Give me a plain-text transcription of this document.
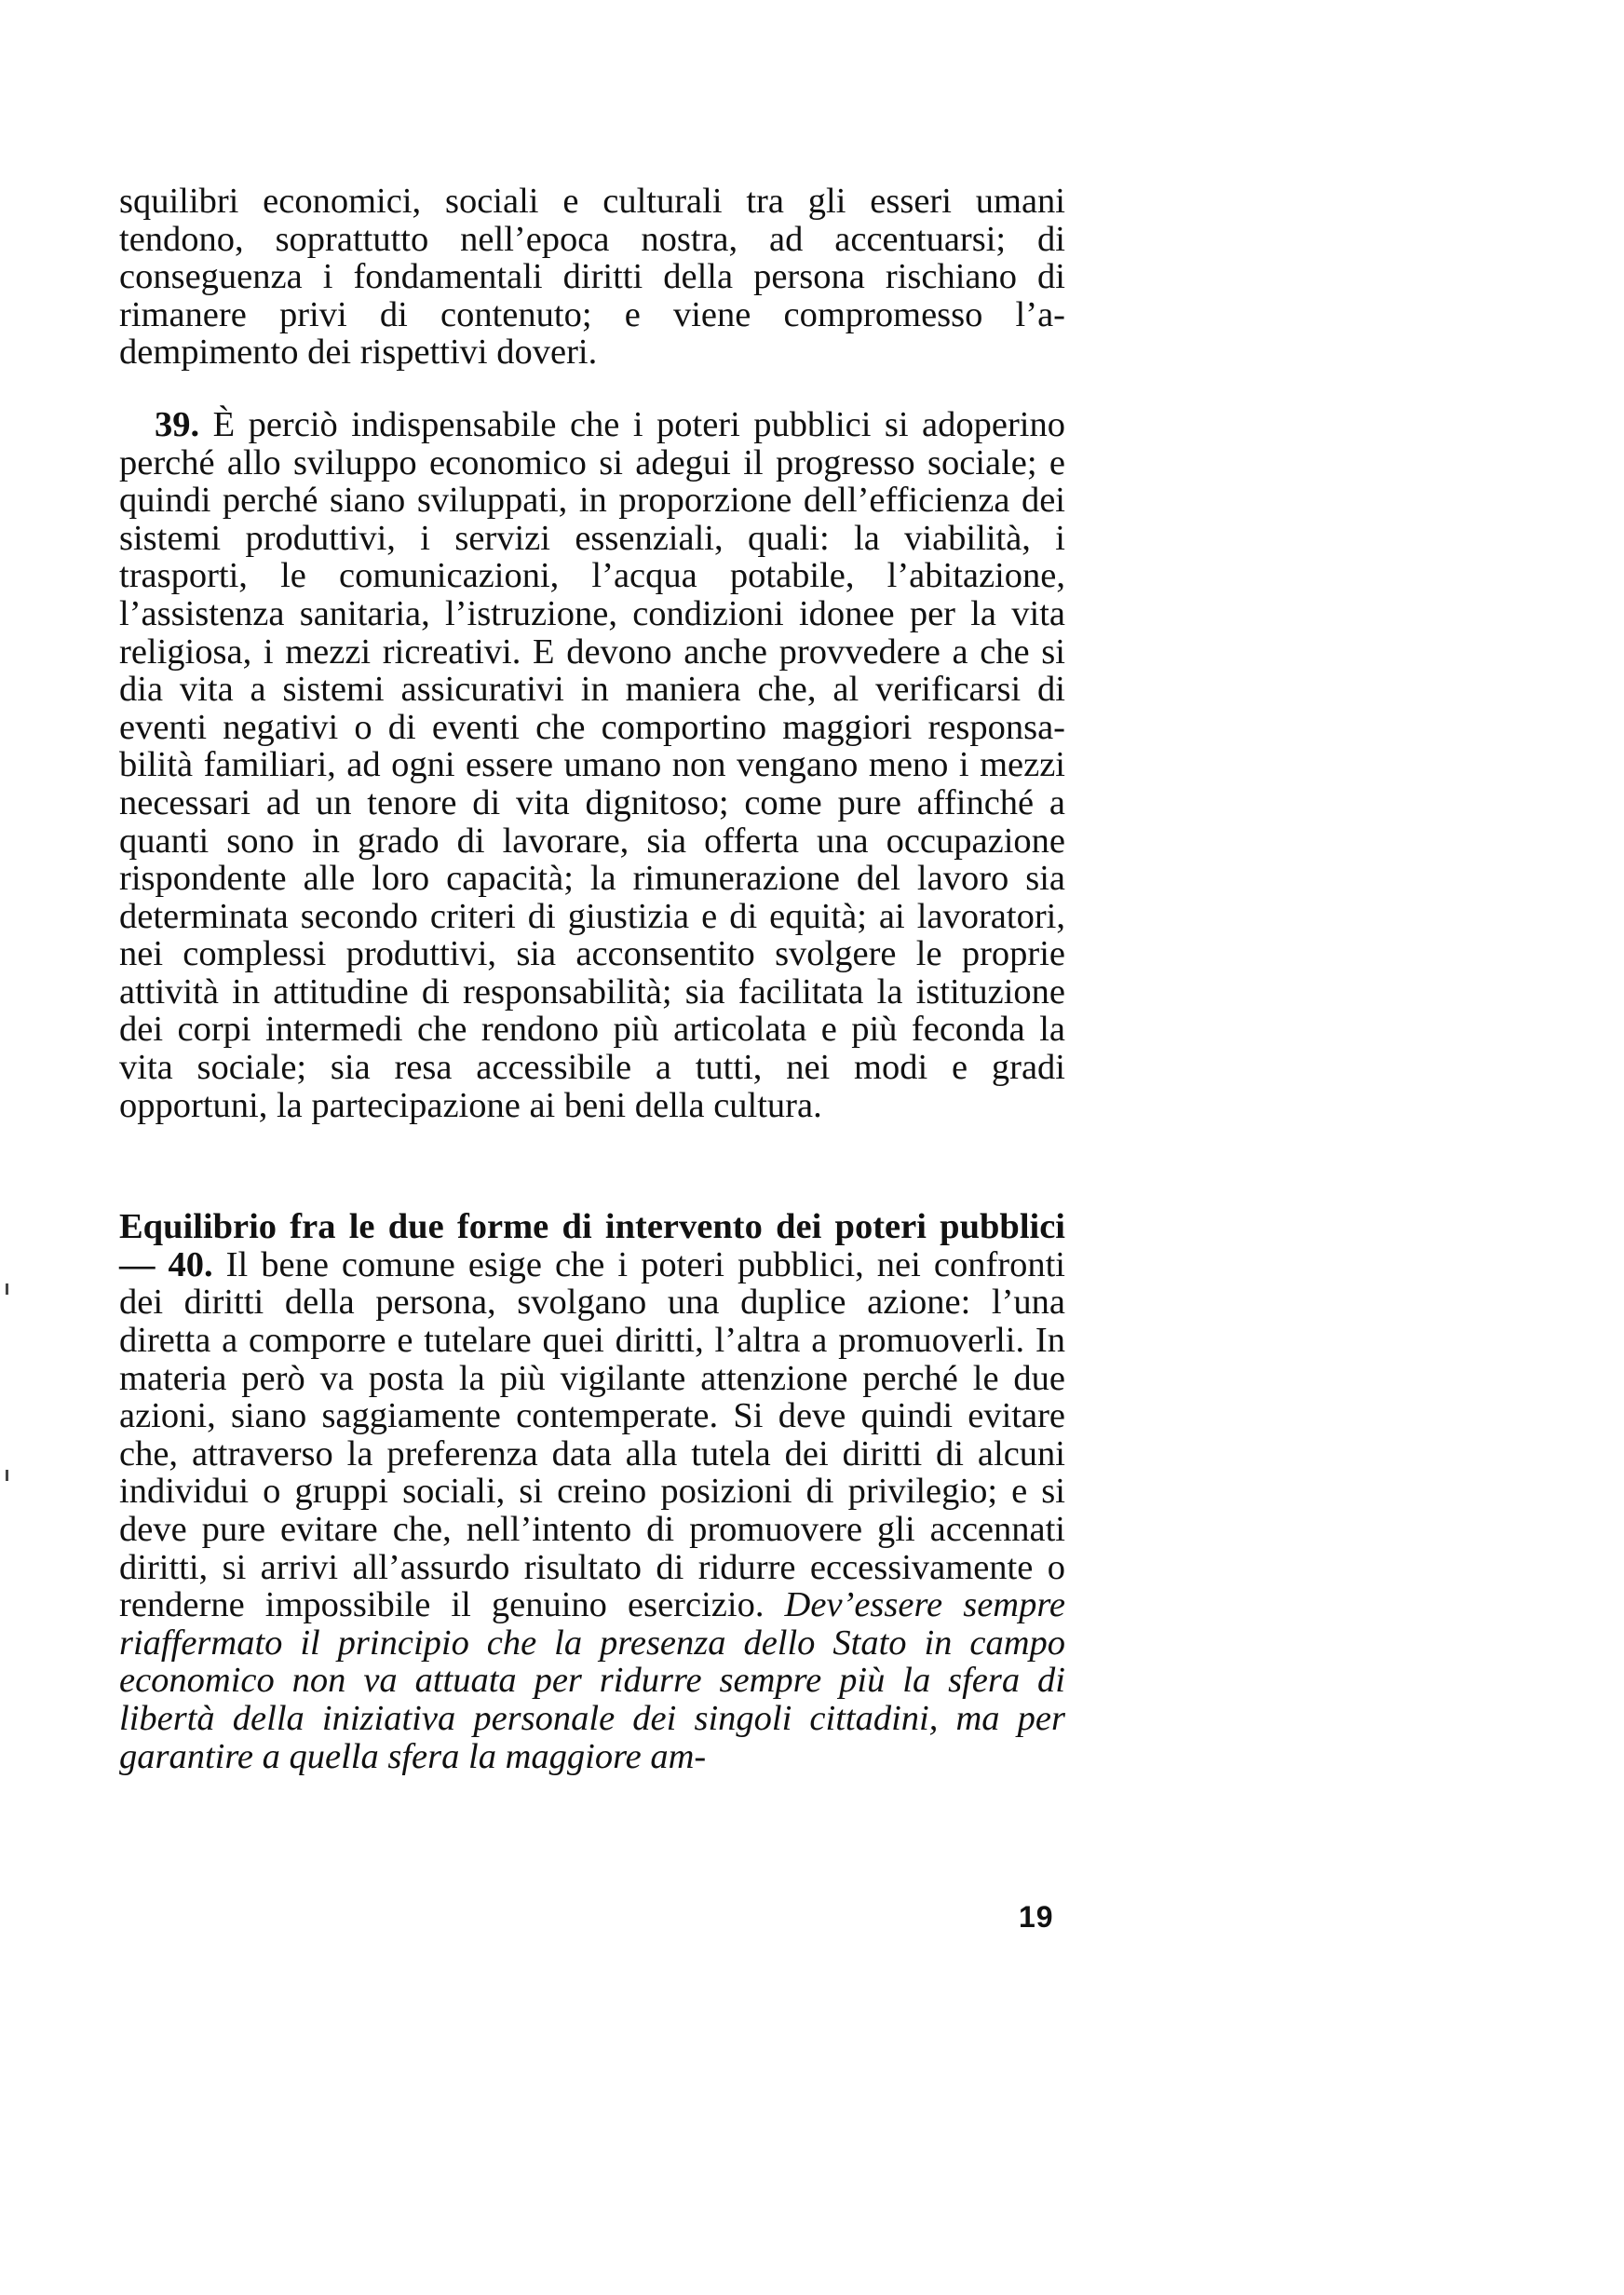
squilibri economici, sociali e culturali tra gli esseri umani tendono, soprattutto nell’epoca nostra, ad accentuarsi; di conseguenza i fondamentali diritti della persona rischiano di rimanere privi di contenuto; e viene compromesso l’adempimento dei rispettivi doveri.

39. È perciò indispensabile che i poteri pubblici si adoperino perché allo sviluppo economico si adegui il progresso sociale; e quindi perché siano sviluppati, in proporzione dell’efficienza dei sistemi produttivi, i servizi essenziali, quali: la viabilità, i trasporti, le comunicazioni, l’acqua potabile, l’abitazione, l’assistenza sanitaria, l’istruzione, condizioni idonee per la vita religiosa, i mezzi ricreativi. E devono anche provvedere a che si dia vita a sistemi assicurativi in maniera che, al verificarsi di eventi negativi o di eventi che comportino maggiori responsabilità familiari, ad ogni essere umano non vengano meno i mezzi necessari ad un tenore di vita dignitoso; come pure affinché a quanti sono in grado di lavorare, sia offerta una occupazione rispondente alle loro capacità; la rimunerazione del lavoro sia determinata secondo criteri di giustizia e di equità; ai lavoratori, nei complessi produttivi, sia acconsentito svolgere le proprie attività in attitudine di responsabilità; sia facilitata la istituzione dei corpi intermedi che rendono più articolata e più feconda la vita sociale; sia resa accessibile a tutti, nei modi e gradi opportuni, la partecipazione ai beni della cultura.

Equilibrio fra le due forme di intervento dei poteri pubblici — 40. Il bene comune esige che i poteri pubblici, nei confronti dei diritti della persona, svolgano una duplice azione: l’una diretta a comporre e tutelare quei diritti, l’altra a promuoverli. In materia però va posta la più vigilante attenzione perché le due azioni, siano saggiamente contemperate. Si deve quindi evitare che, attraverso la preferenza data alla tutela dei diritti di alcuni individui o gruppi sociali, si creino posizioni di privilegio; e si deve pure evitare che, nell’intento di promuovere gli accennati diritti, si arrivi all’assurdo risultato di ridurre eccessivamente o renderne impossibile il genuino esercizio. Dev’essere sempre riaffermato il principio che la presenza dello Stato in campo economico non va attuata per ridurre sempre più la sfera di libertà della iniziativa personale dei singoli cittadini, ma per garantire a quella sfera la maggiore am-

19
